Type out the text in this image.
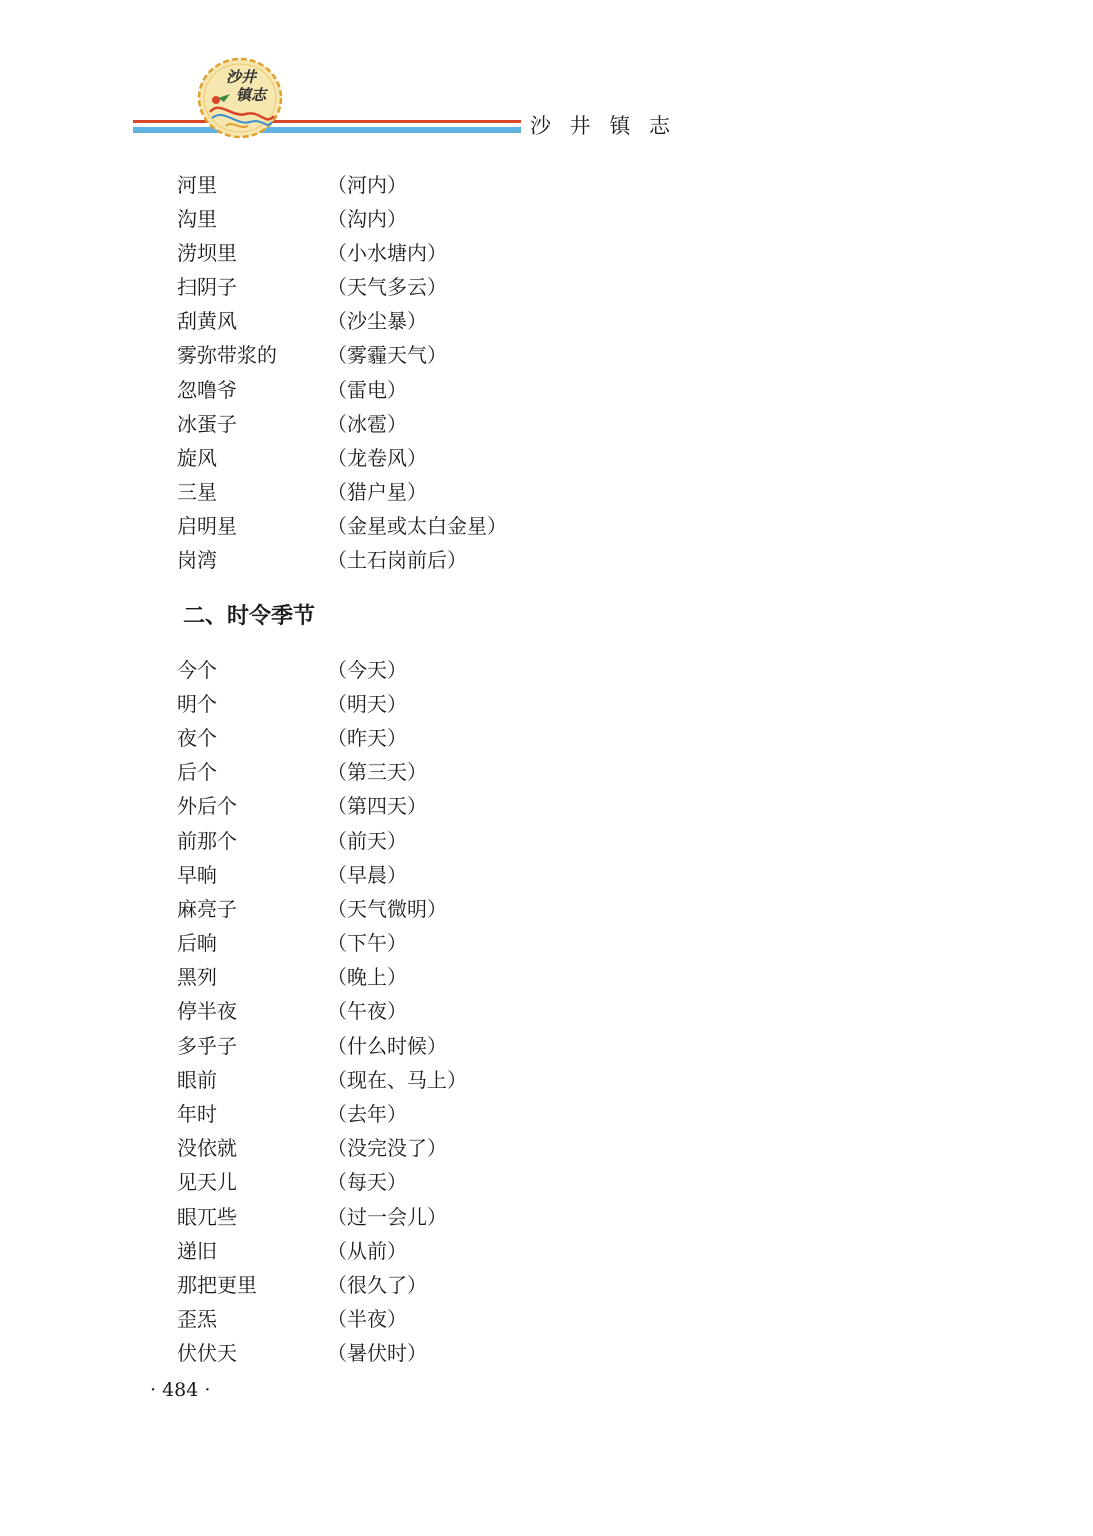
沙井
镇志
沙 井 镇 志
河里	（河内）
沟里	（沟内）
涝坝里	（小水塘内）
扫阴子	（天气多云）
刮黄风	（沙尘暴）
雾弥带浆的	（雾霾天气）
忽噜爷	（雷电）
冰蛋子	（冰雹）
旋风	（龙卷风）
三星	（猎户星）
启明星	（金星或太白金星）
岗湾	（土石岗前后）
二、时令季节
今个	（今天）
明个	（明天）
夜个	（昨天）
后个	（第三天）
外后个	（第四天）
前那个	（前天）
早晌	（早晨）
麻亮子	（天气微明）
后晌	（下午）
黑列	（晚上）
停半夜	（午夜）
多乎子	（什么时候）
眼前	（现在、马上）
年时	（去年）
没依就	（没完没了）
见天儿	（每天）
眼兀些	（过一会儿）
递旧	（从前）
那把更里	（很久了）
歪炁	（半夜）
伏伏天	（暑伏时）
· 484 ·
